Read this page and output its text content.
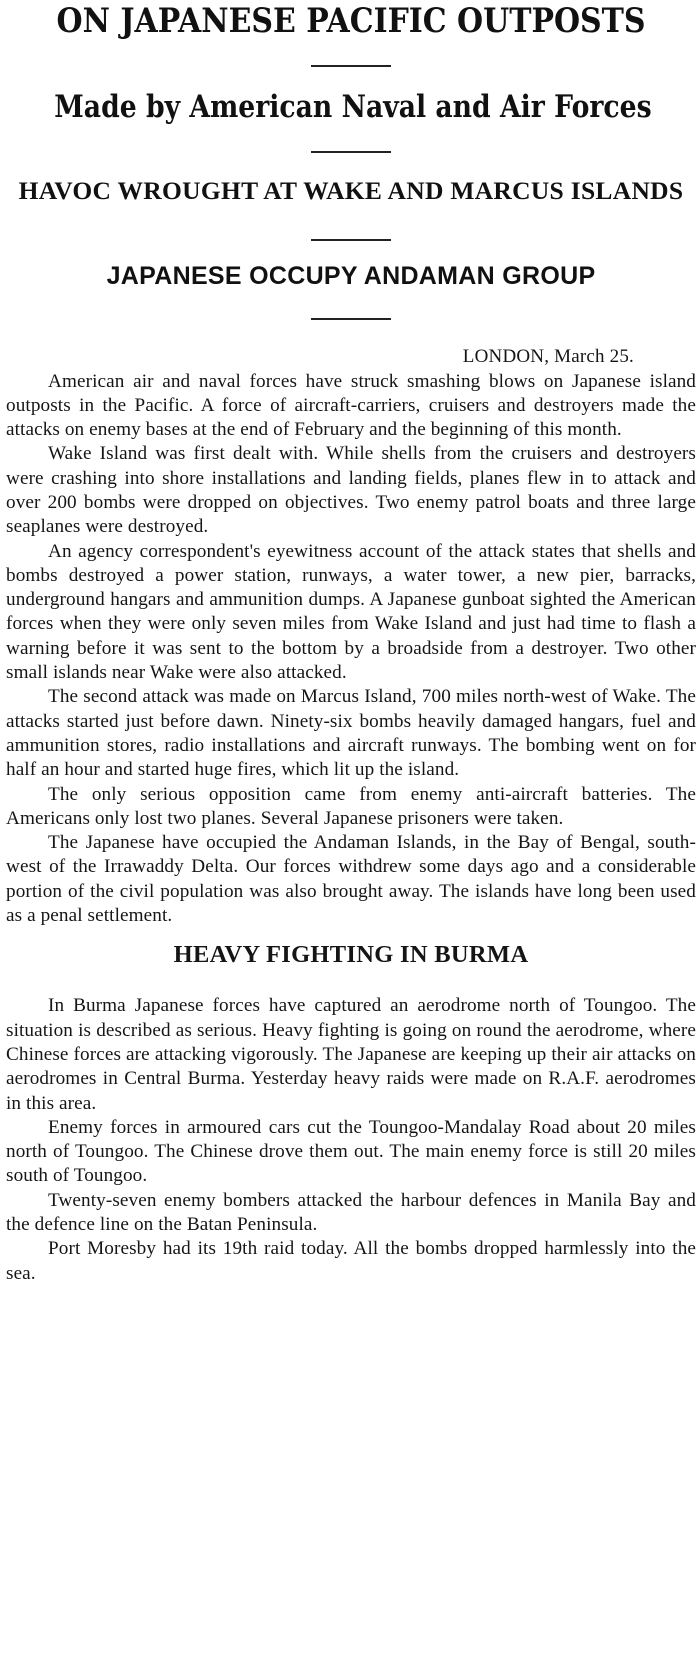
ON JAPANESE PACIFIC OUTPOSTS
Made by American Naval and Air Forces
HAVOC WROUGHT AT WAKE AND MARCUS ISLANDS
JAPANESE OCCUPY ANDAMAN GROUP
LONDON, March 25.

American air and naval forces have struck smashing blows on Japanese island outposts in the Pacific. A force of aircraft-carriers, cruisers and destroyers made the attacks on enemy bases at the end of February and the beginning of this month.

Wake Island was first dealt with. While shells from the cruisers and destroyers were crashing into shore installations and landing fields, planes flew in to attack and over 200 bombs were dropped on objectives. Two enemy patrol boats and three large seaplanes were destroyed.

An agency correspondent's eyewitness account of the attack states that shells and bombs destroyed a power station, runways, a water tower, a new pier, barracks, underground hangars and ammunition dumps. A Japanese gunboat sighted the American forces when they were only seven miles from Wake Island and just had time to flash a warning before it was sent to the bottom by a broadside from a destroyer. Two other small islands near Wake were also attacked.

The second attack was made on Marcus Island, 700 miles north-west of Wake. The attacks started just before dawn. Ninety-six bombs heavily damaged hangars, fuel and ammunition stores, radio installations and aircraft runways. The bombing went on for half an hour and started huge fires, which lit up the island.

The only serious opposition came from enemy anti-aircraft batteries. The Americans only lost two planes. Several Japanese prisoners were taken.

The Japanese have occupied the Andaman Islands, in the Bay of Bengal, south-west of the Irrawaddy Delta. Our forces withdrew some days ago and a considerable portion of the civil population was also brought away. The islands have long been used as a penal settlement.

HEAVY FIGHTING IN BURMA

In Burma Japanese forces have captured an aerodrome north of Toungoo. The situation is described as serious. Heavy fighting is going on round the aerodrome, where Chinese forces are attacking vigorously. The Japanese are keeping up their air attacks on aerodromes in Central Burma. Yesterday heavy raids were made on R.A.F. aerodromes in this area.

Enemy forces in armoured cars cut the Toungoo-Mandalay Road about 20 miles north of Toungoo. The Chinese drove them out. The main enemy force is still 20 miles south of Toungoo.

Twenty-seven enemy bombers attacked the harbour defences in Manila Bay and the defence line on the Batan Peninsula.

Port Moresby had its 19th raid today. All the bombs dropped harmlessly into the sea.
